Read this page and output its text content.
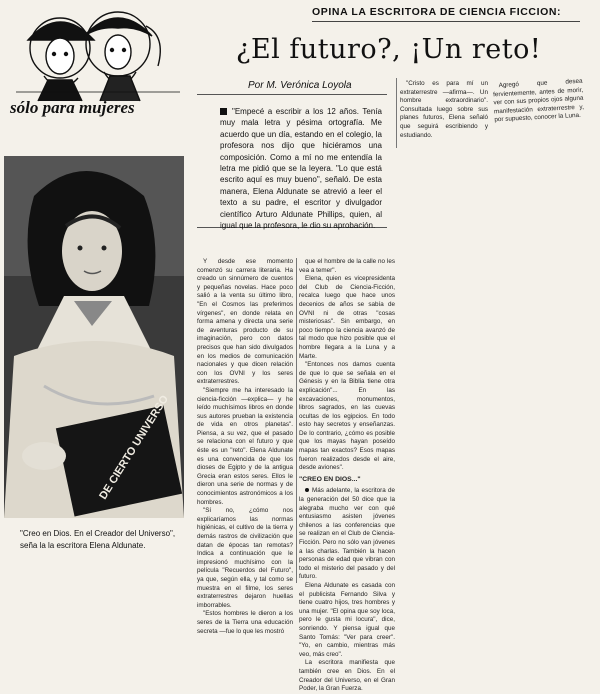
sólo para mujeres
OPINA LA ESCRITORA DE CIENCIA FICCION:
¿El futuro?, ¡Un reto!
Por M. Verónica Loyola
DE CIERTO UNIVERSO
"Creo en Dios. En el Creador del Universo", seña la la escritora Elena Aldunate.
"Empecé a escribir a los 12 años. Tenía muy mala letra y pésima ortografía. Me acuerdo que un día, estando en el colegio, la profesora nos dijo que hiciéramos una composición. Como a mí no me entendía la letra me pidió que se la leyera. "Lo que está escrito aquí es muy bueno", señaló. De esta manera, Elena Aldunate se atrevió a leer el texto a su padre, el escritor y divulgador científico Arturo Aldunate Phillips, quien, al igual que la profesora, le dio su aprobación.

Y desde ese momento comenzó su carrera literaria. Ha creado un sinnúmero de cuentos y pequeñas novelas. Hace poco salió a la venta su último libro, "En el Cosmos las preferimos vírgenes", en donde relata en forma amena y directa una serie de aventuras producto de su imaginación, pero con datos precisos que han sido divulgados en los medios de comunicación nacionales y que dicen relación con los OVNI y los seres extraterrestres.

"Siempre me ha interesado la ciencia-ficción —explica— y he leído muchísimos libros en donde sus autores prueban la existencia de vida en otros planetas". Piensa, a su vez, que el pasado se relaciona con el futuro y que éste es un "reto". Elena Aldunate es una convencida de que los dioses de Egipto y de la antigua Grecia eran estos seres. Ellos le dieron una serie de normas y de conocimientos astronómicos a los hombres.

"Sí no, ¿cómo nos explicaríamos las normas higiénicas, el cultivo de la tierra y demás rastros de civilización que datan de épocas tan remotas? Indica a continuación que le impresionó muchísimo con la película "Recuerdos del Futuro", ya que, según ella, y tal como se muestra en el filme, los seres extraterrestres dejaron huellas imborrables.

"Estos hombres le dieron a los seres de la Tierra una educación secreta —fue lo que les mostró

que el hombre de la calle no les vea a temer".

Elena, quien es vicepresidenta del Club de Ciencia-Ficción, recalca luego que hace unos decenios de años se sabía de OVNI ni de otras "cosas misteriosas". Sin embargo, en poco tiempo la ciencia avanzó de tal modo que hizo posible que el hombre llegara a la Luna y a Marte.

"Entonces nos damos cuenta de que lo que se señala en el Génesis y en la Biblia tiene otra explicación"... En las excavaciones, monumentos, libros sagrados, en las cuevas ocultas de los egipcios. En todo esto hay secretos y enseñanzas. De lo contrario, ¿cómo es posible que los mayas hayan poseído mapas tan exactos? Esos mapas fueron realizados desde el aire, desde aviones".

"CREO EN DIOS..."

Más adelante, la escritora de la generación del 50 dice que la alegraba mucho ver con qué entusiasmo asisten jóvenes chilenos a las conferencias que se realizan en el Club de Ciencia-Ficción. Pero no sólo van jóvenes a las charlas. También la hacen personas de edad que vibran con todo el misterio del pasado y del futuro.

Elena Aldunate es casada con el publicista Fernando Silva y tiene cuatro hijos, tres hombres y una mujer. "El opina que soy loca, pero le gusta mi locura", dice, sonriendo. Y piensa igual que Santo Tomás: "Ver para creer". "Yo, en cambio, mientras más veo, más creo".

La escritora manifiesta que también cree en Dios. En el Creador del Universo, en el Gran Poder, la Gran Fuerza.

"Cristo es para mí un extraterrestre —afirma—. Un hombre extraordinario". Consultada luego sobre sus planes futuros, Elena señaló que seguirá escribiendo y estudiando.

Agregó que desea fervientemente, antes de morir, ver con sus propios ojos alguna manifestación extraterrestre y, por supuesto, conocer la Luna.
